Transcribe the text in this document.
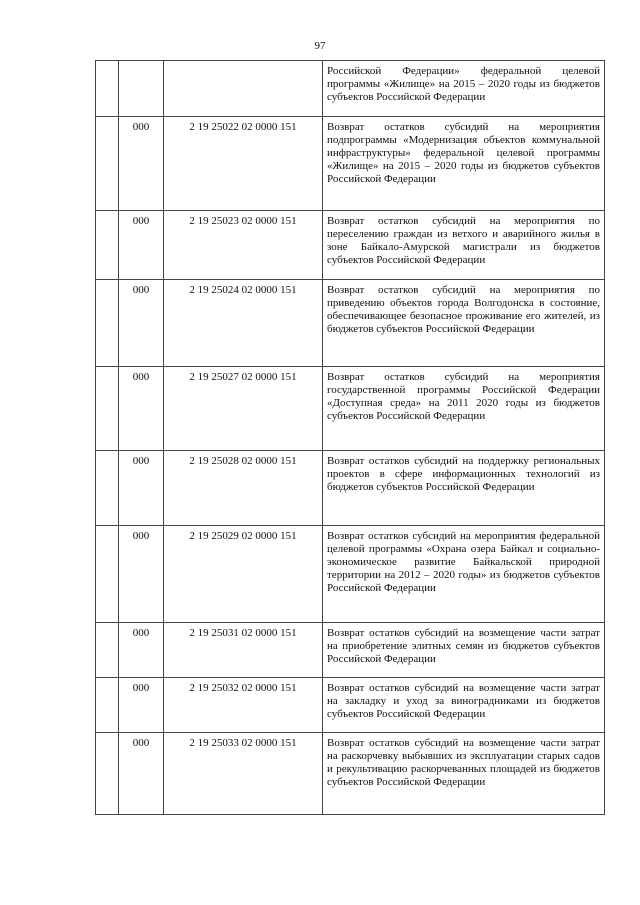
97
			Российской Федерации» федеральной целевой программы «Жилище» на 2015 – 2020 годы из бюджетов субъектов Российской Федерации
	000	2 19 25022 02 0000 151	Возврат остатков субсидий на мероприятия подпрограммы «Модернизация объектов коммунальной инфраструктуры» федеральной целевой программы «Жилище» на 2015 – 2020 годы из бюджетов субъектов Российской Федерации
	000	2 19 25023 02 0000 151	Возврат остатков субсидий на мероприятия по переселению граждан из ветхого и аварийного жилья в зоне Байкало-Амурской магистрали из бюджетов субъектов Российской Федерации
	000	2 19 25024 02 0000 151	Возврат остатков субсидий на мероприятия по приведению объектов города Волгодонска в состояние, обеспечивающее безопасное проживание его жителей, из бюджетов субъектов Российской Федерации
	000	2 19 25027 02 0000 151	Возврат остатков субсидий на мероприятия государственной программы Российской Федерации «Доступная среда» на 2011 2020 годы из бюджетов субъектов Российской Федерации
	000	2 19 25028 02 0000 151	Возврат остатков субсидий на поддержку региональных проектов в сфере информационных технологий из бюджетов субъектов Российской Федерации
	000	2 19 25029 02 0000 151	Возврат остатков субсидий на мероприятия федеральной целевой программы «Охрана озера Байкал и социально-экономическое развитие Байкальской природной территории на 2012 – 2020 годы» из бюджетов субъектов Российской Федерации
	000	2 19 25031 02 0000 151	Возврат остатков субсидий на возмещение части затрат на приобретение элитных семян из бюджетов субъектов Российской Федерации
	000	2 19 25032 02 0000 151	Возврат остатков субсидий на возмещение части затрат на закладку и уход за виноградниками из бюджетов субъектов Российской Федерации
	000	2 19 25033 02 0000 151	Возврат остатков субсидий на возмещение части затрат на раскорчевку выбывших из эксплуатации старых садов и рекультивацию раскорчеванных площадей из бюджетов субъектов Российской Федерации
